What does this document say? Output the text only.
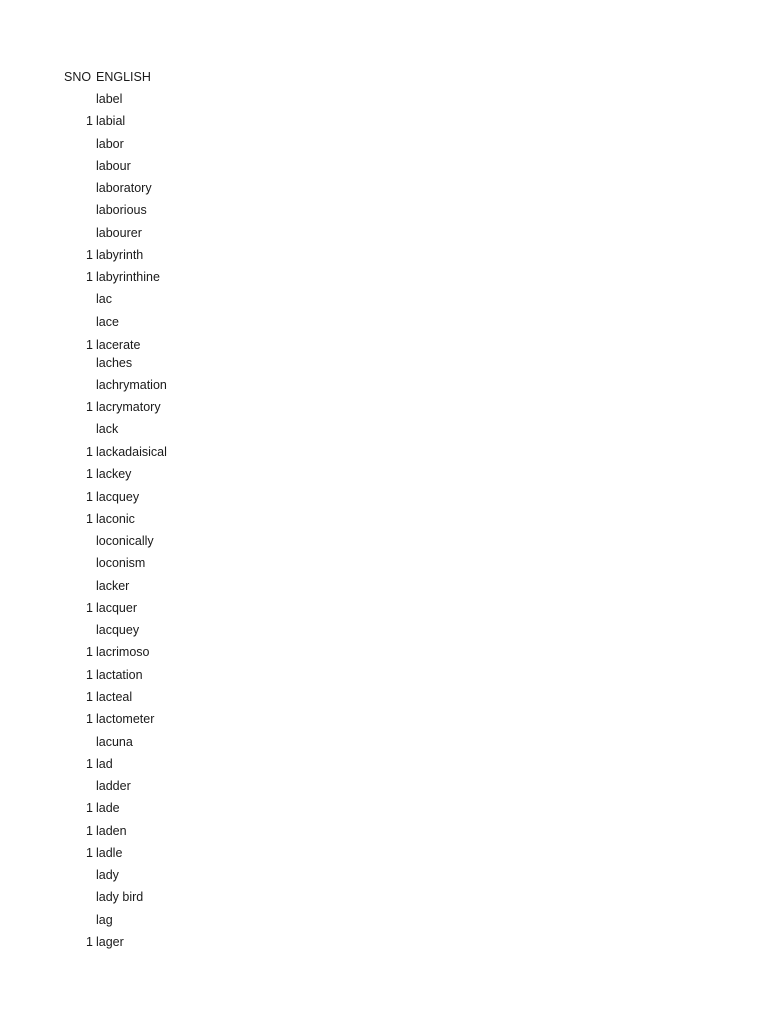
SNO ENGLISH
label
1 labial
labor
labour
laboratory
laborious
labourer
1 labyrinth
1 labyrinthine
lac
lace
1 lacerate
laches
lachrymation
1 lacrymatory
lack
1 lackadaisical
1 lackey
1 lacquey
1 laconic
loconically
loconism
lacker
1 lacquer
lacquey
1 lacrimoso
1 lactation
1 lacteal
1 lactometer
lacuna
1 lad
ladder
1 lade
1 laden
1 ladle
lady
lady bird
lag
1 lager
